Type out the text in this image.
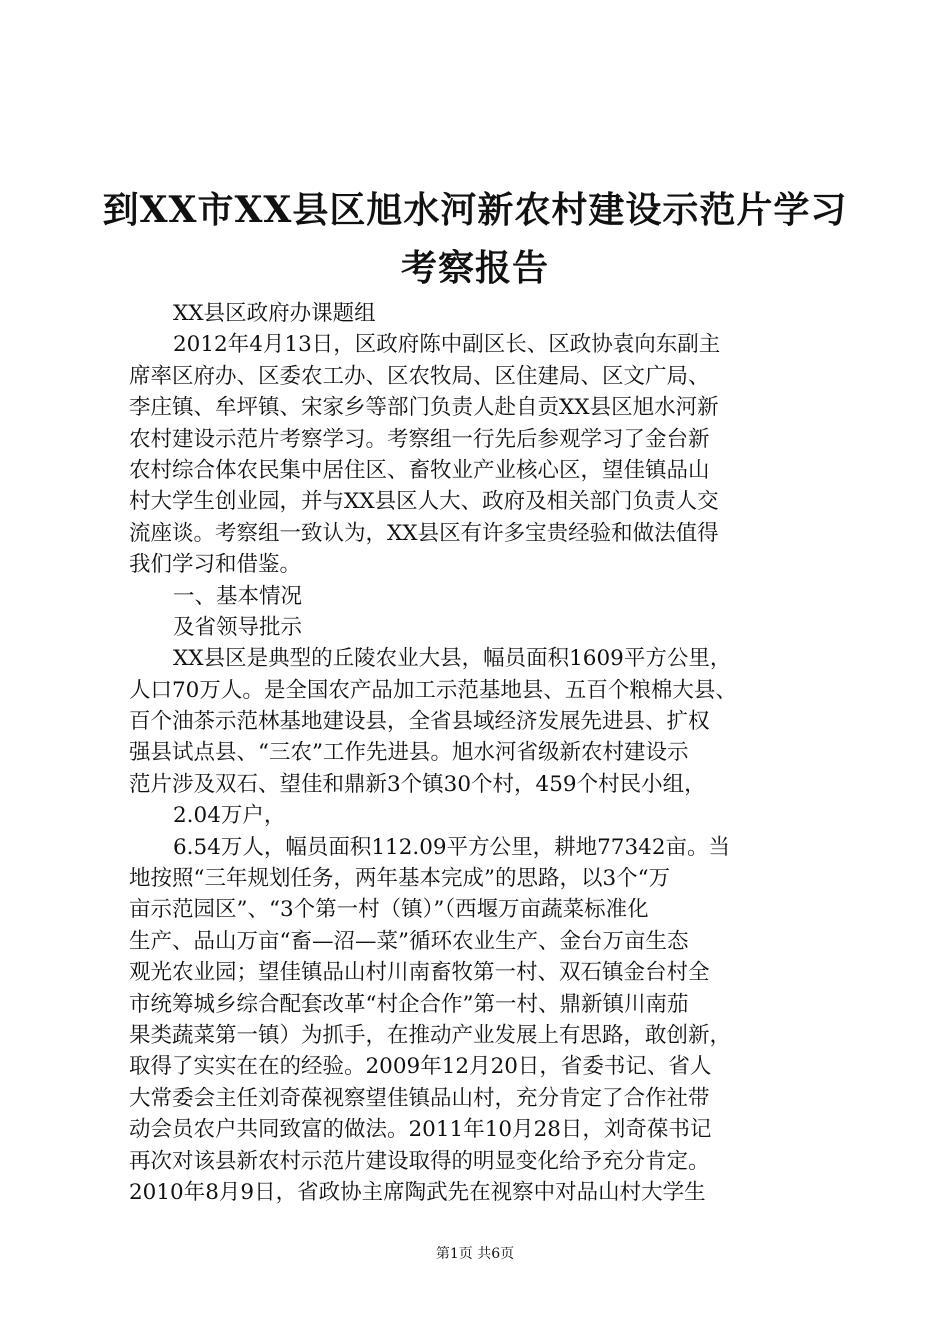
到XX市XX县区旭水河新农村建设示范片学习
考察报告
XX县区政府办课题组
2012年4月13日，区政府陈中副区长、区政协袁向东副主
席率区府办、区委农工办、区农牧局、区住建局、区文广局、
李庄镇、牟坪镇、宋家乡等部门负责人赴自贡XX县区旭水河新
农村建设示范片考察学习。考察组一行先后参观学习了金台新
农村综合体农民集中居住区、畜牧业产业核心区，望佳镇品山
村大学生创业园，并与XX县区人大、政府及相关部门负责人交
流座谈。考察组一致认为，XX县区有许多宝贵经验和做法值得
我们学习和借鉴。
一、基本情况
及省领导批示
XX县区是典型的丘陵农业大县，幅员面积1609平方公里，
人口70万人。是全国农产品加工示范基地县、五百个粮棉大县、
百个油茶示范林基地建设县，全省县域经济发展先进县、扩权
强县试点县、“三农”工作先进县。旭水河省级新农村建设示
范片涉及双石、望佳和鼎新3个镇30个村，459个村民小组，
2.04万户，
6.54万人，幅员面积112.09平方公里，耕地77342亩。当
地按照“三年规划任务，两年基本完成”的思路，以3个“万
亩示范园区”、“3个第一村（镇）”（西堰万亩蔬菜标准化
生产、品山万亩“畜—沼—菜”循环农业生产、金台万亩生态
观光农业园；望佳镇品山村川南畜牧第一村、双石镇金台村全
市统筹城乡综合配套改革“村企合作”第一村、鼎新镇川南茄
果类蔬菜第一镇）为抓手，在推动产业发展上有思路，敢创新，
取得了实实在在的经验。2009年12月20日，省委书记、省人
大常委会主任刘奇葆视察望佳镇品山村，充分肯定了合作社带
动会员农户共同致富的做法。2011年10月28日，刘奇葆书记
再次对该县新农村示范片建设取得的明显变化给予充分肯定。
2010年8月9日，省政协主席陶武先在视察中对品山村大学生
第1页 共6页
